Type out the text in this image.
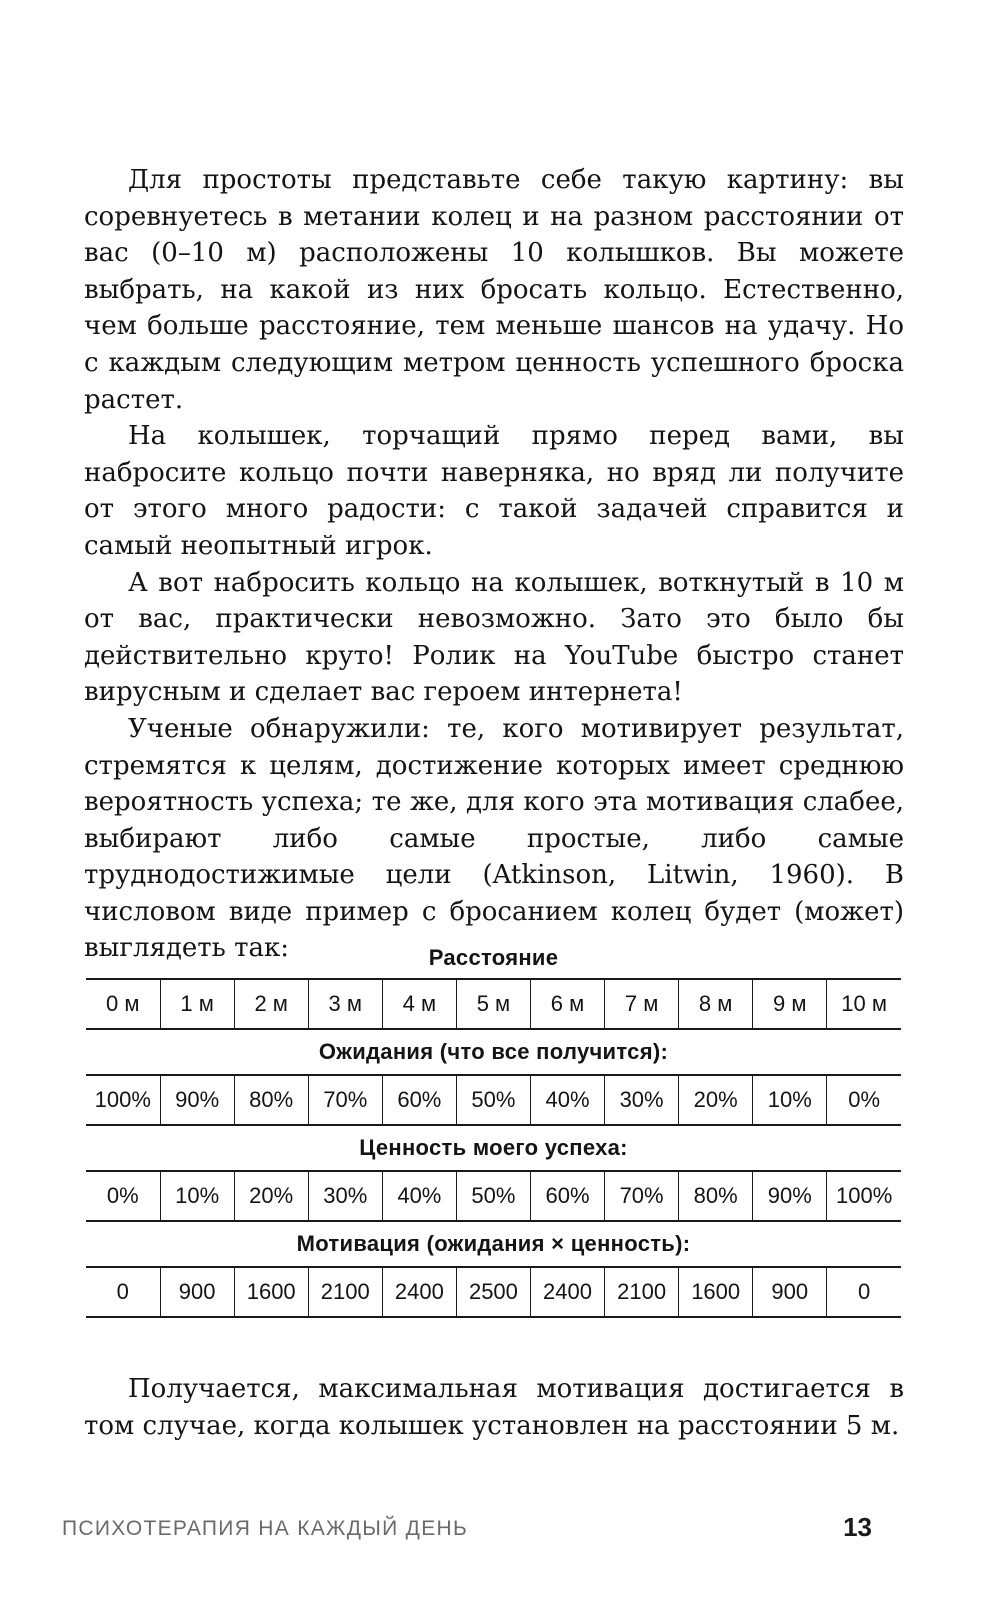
Для простоты представьте себе такую картину: вы соревнуетесь в метании колец и на разном расстоянии от вас (0–10 м) расположены 10 колышков. Вы можете выбрать, на какой из них бросать кольцо. Естественно, чем больше расстояние, тем меньше шансов на удачу. Но с каждым следующим метром ценность успешного броска растет.

На колышек, торчащий прямо перед вами, вы набросите кольцо почти наверняка, но вряд ли получите от этого много радости: с такой задачей справится и самый неопытный игрок.

А вот набросить кольцо на колышек, воткнутый в 10 м от вас, практически невозможно. Зато это было бы действительно круто! Ролик на YouTube быстро станет вирусным и сделает вас героем интернета!

Ученые обнаружили: те, кого мотивирует результат, стремятся к целям, достижение которых имеет среднюю вероятность успеха; те же, для кого эта мотивация слабее, выбирают либо самые простые, либо самые труднодостижимые цели (Atkinson, Litwin, 1960). В числовом виде пример с бросанием колец будет (может) выглядеть так:	Расстояние										
0 м	1 м	2 м	3 м	4 м	5 м	6 м	7 м	8 м	9 м	10 м
Ожидания (что все получится):										
100%	90%	80%	70%	60%	50%	40%	30%	20%	10%	0%
Ценность моего успеха:										
0%	10%	20%	30%	40%	50%	60%	70%	80%	90%	100%
Мотивация (ожидания × ценность):										
0	900	1600	2100	2400	2500	2400	2100	1600	900	0

Получается, максимальная мотивация достигается в том случае, когда колышек установлен на расстоянии 5 м.

ПСИХОТЕРАПИЯ НА КАЖДЫЙ ДЕНЬ	13
